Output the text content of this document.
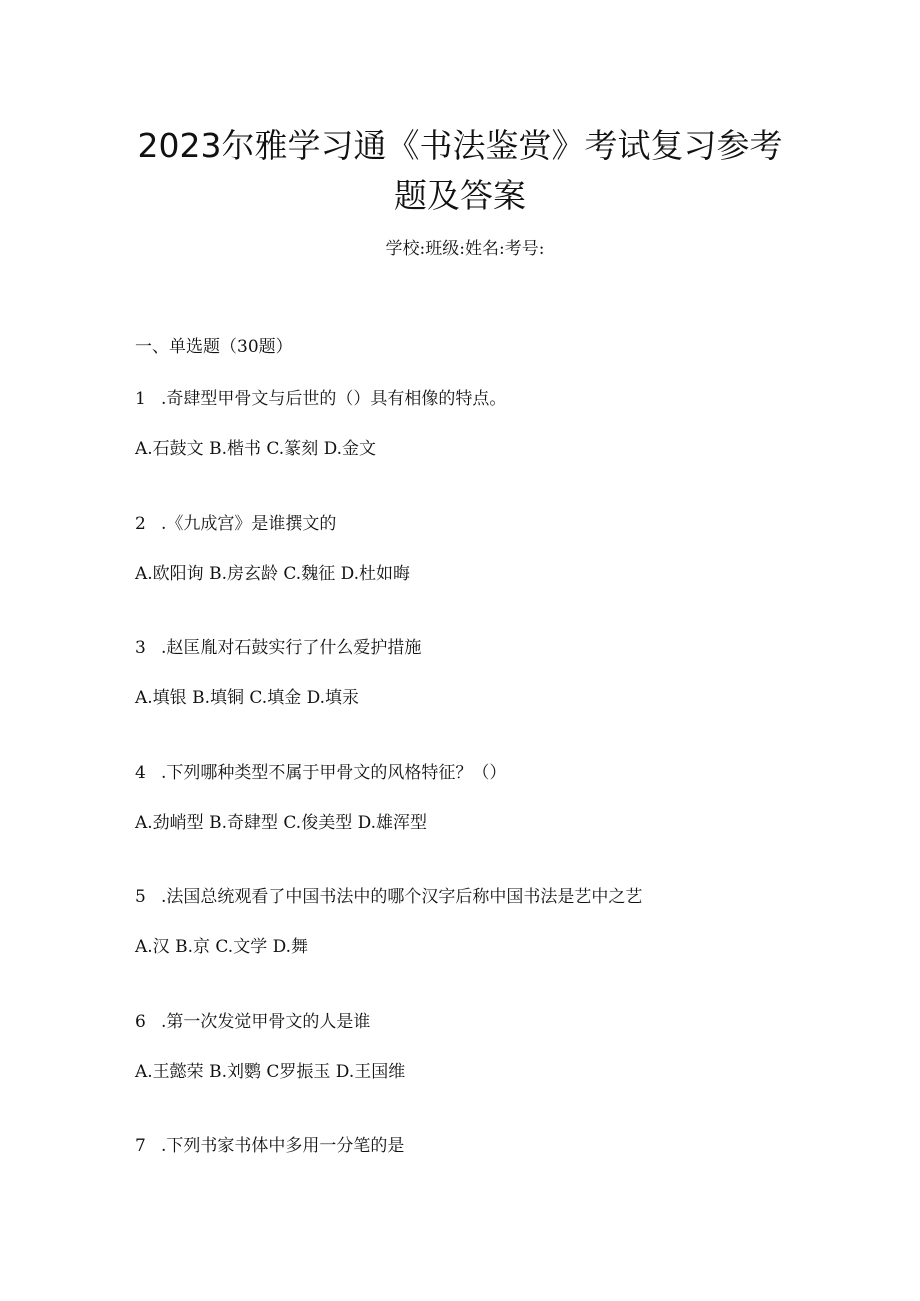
2023尔雅学习通《书法鉴赏》考试复习参考
题及答案
学校:班级:姓名:考号:
一、单选题（30题）
1 .奇肆型甲骨文与后世的（）具有相像的特点。
A.石鼓文 B.楷书 C.篆刻 D.金文
2 .《九成宫》是谁撰文的
A.欧阳询 B.房玄龄 C.魏征 D.杜如晦
3 .赵匡胤对石鼓实行了什么爱护措施
A.填银 B.填铜 C.填金 D.填汞
4 .下列哪种类型不属于甲骨文的风格特征？（）
A.劲峭型 B.奇肆型 C.俊美型 D.雄浑型
5 .法国总统观看了中国书法中的哪个汉字后称中国书法是艺中之艺
A.汉 B.京 C.文学 D.舞
6 .第一次发觉甲骨文的人是谁
A.王懿荣 B.刘鹦 C罗振玉 D.王国维
7 .下列书家书体中多用一分笔的是
